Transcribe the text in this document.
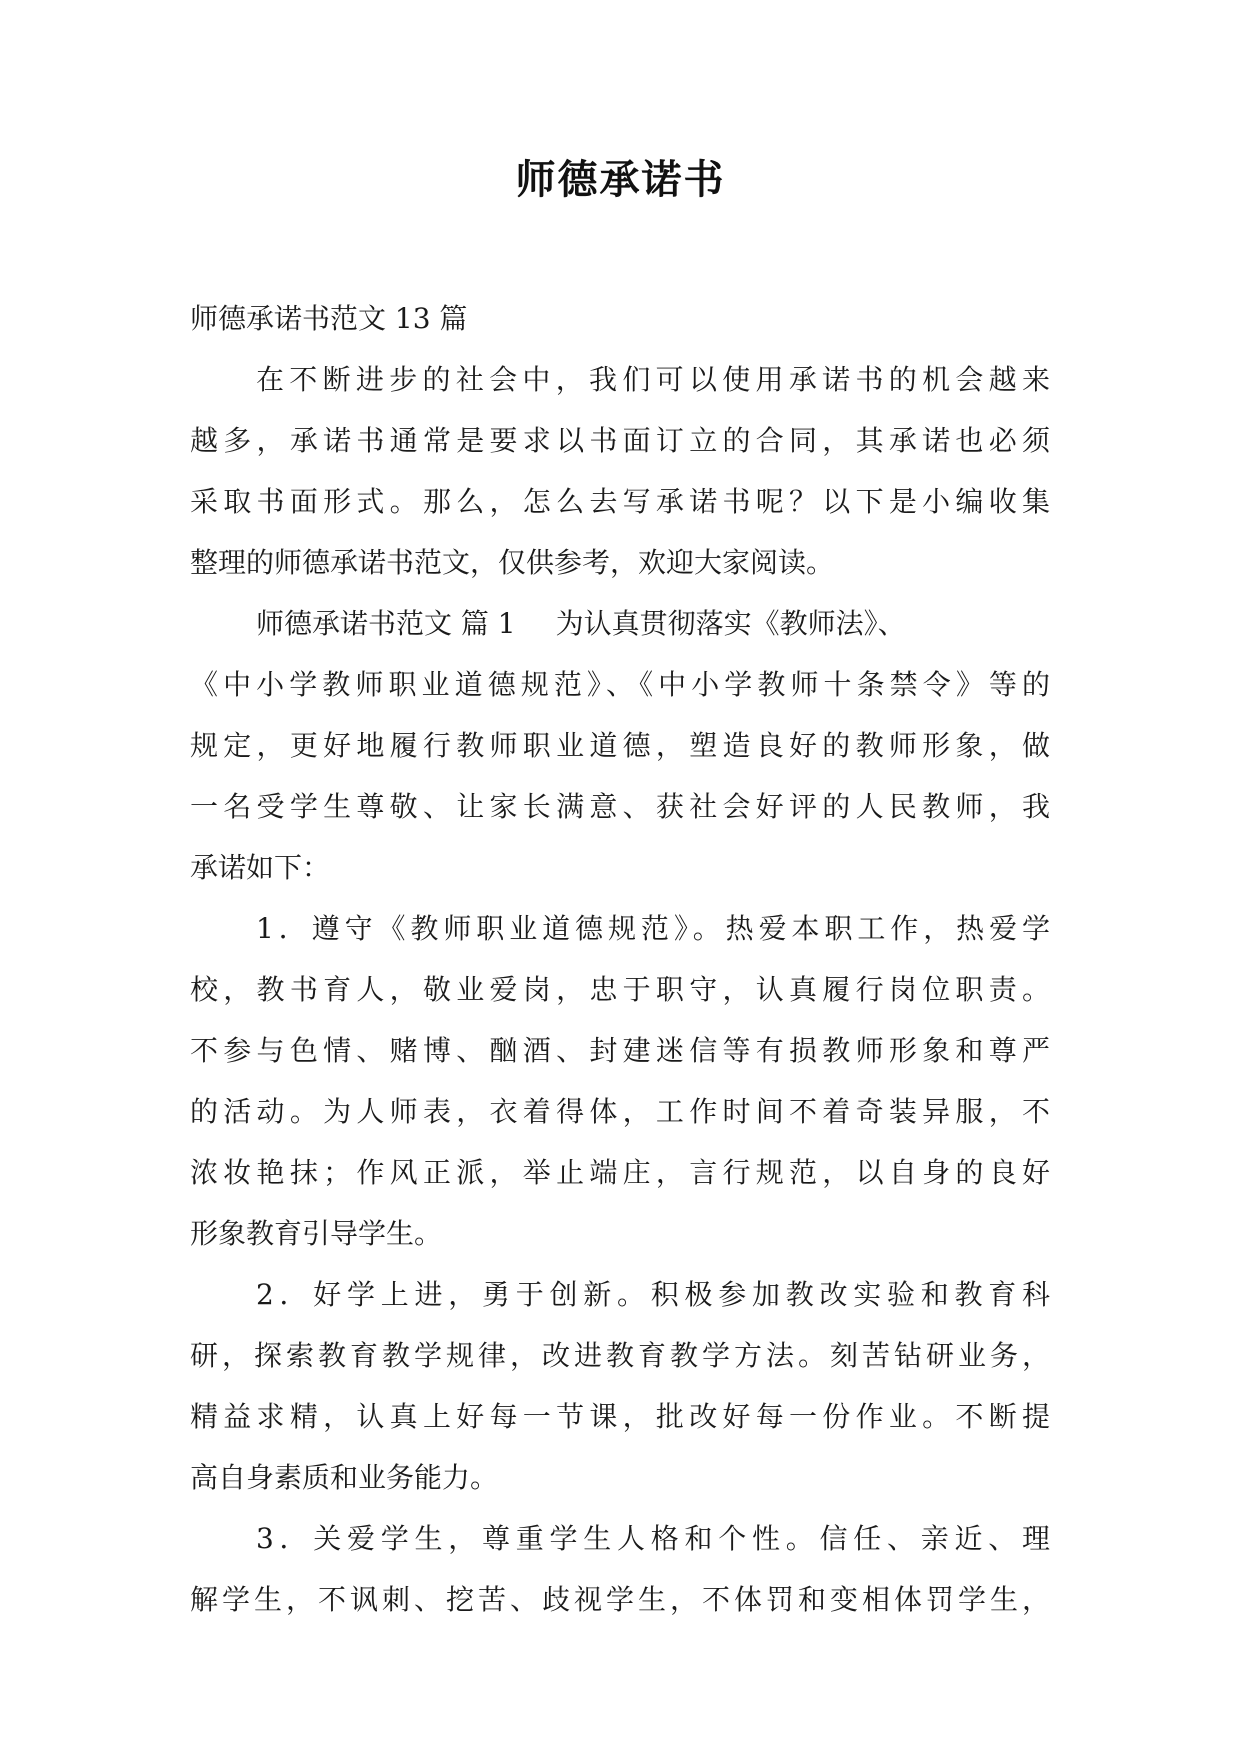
师德承诺书
师德承诺书范文 13 篇
在不断进步的社会中，我们可以使用承诺书的机会越来
越多，承诺书通常是要求以书面订立的合同，其承诺也必须
采取书面形式。那么，怎么去写承诺书呢？以下是小编收集
整理的师德承诺书范文，仅供参考，欢迎大家阅读。
师德承诺书范文 篇 1 为认真贯彻落实《教师法》、
《中小学教师职业道德规范》、《中小学教师十条禁令》等的
规定，更好地履行教师职业道德，塑造良好的教师形象，做
一名受学生尊敬、让家长满意、获社会好评的人民教师，我
承诺如下：
1．遵守《教师职业道德规范》。热爱本职工作，热爱学
校，教书育人，敬业爱岗，忠于职守，认真履行岗位职责。
不参与色情、赌博、酗酒、封建迷信等有损教师形象和尊严
的活动。为人师表，衣着得体，工作时间不着奇装异服，不
浓妆艳抹；作风正派，举止端庄，言行规范，以自身的良好
形象教育引导学生。
2．好学上进，勇于创新。积极参加教改实验和教育科
研，探索教育教学规律，改进教育教学方法。刻苦钻研业务，
精益求精，认真上好每一节课，批改好每一份作业。不断提
高自身素质和业务能力。
3．关爱学生，尊重学生人格和个性。信任、亲近、理
解学生，不讽刺、挖苦、歧视学生，不体罚和变相体罚学生，
